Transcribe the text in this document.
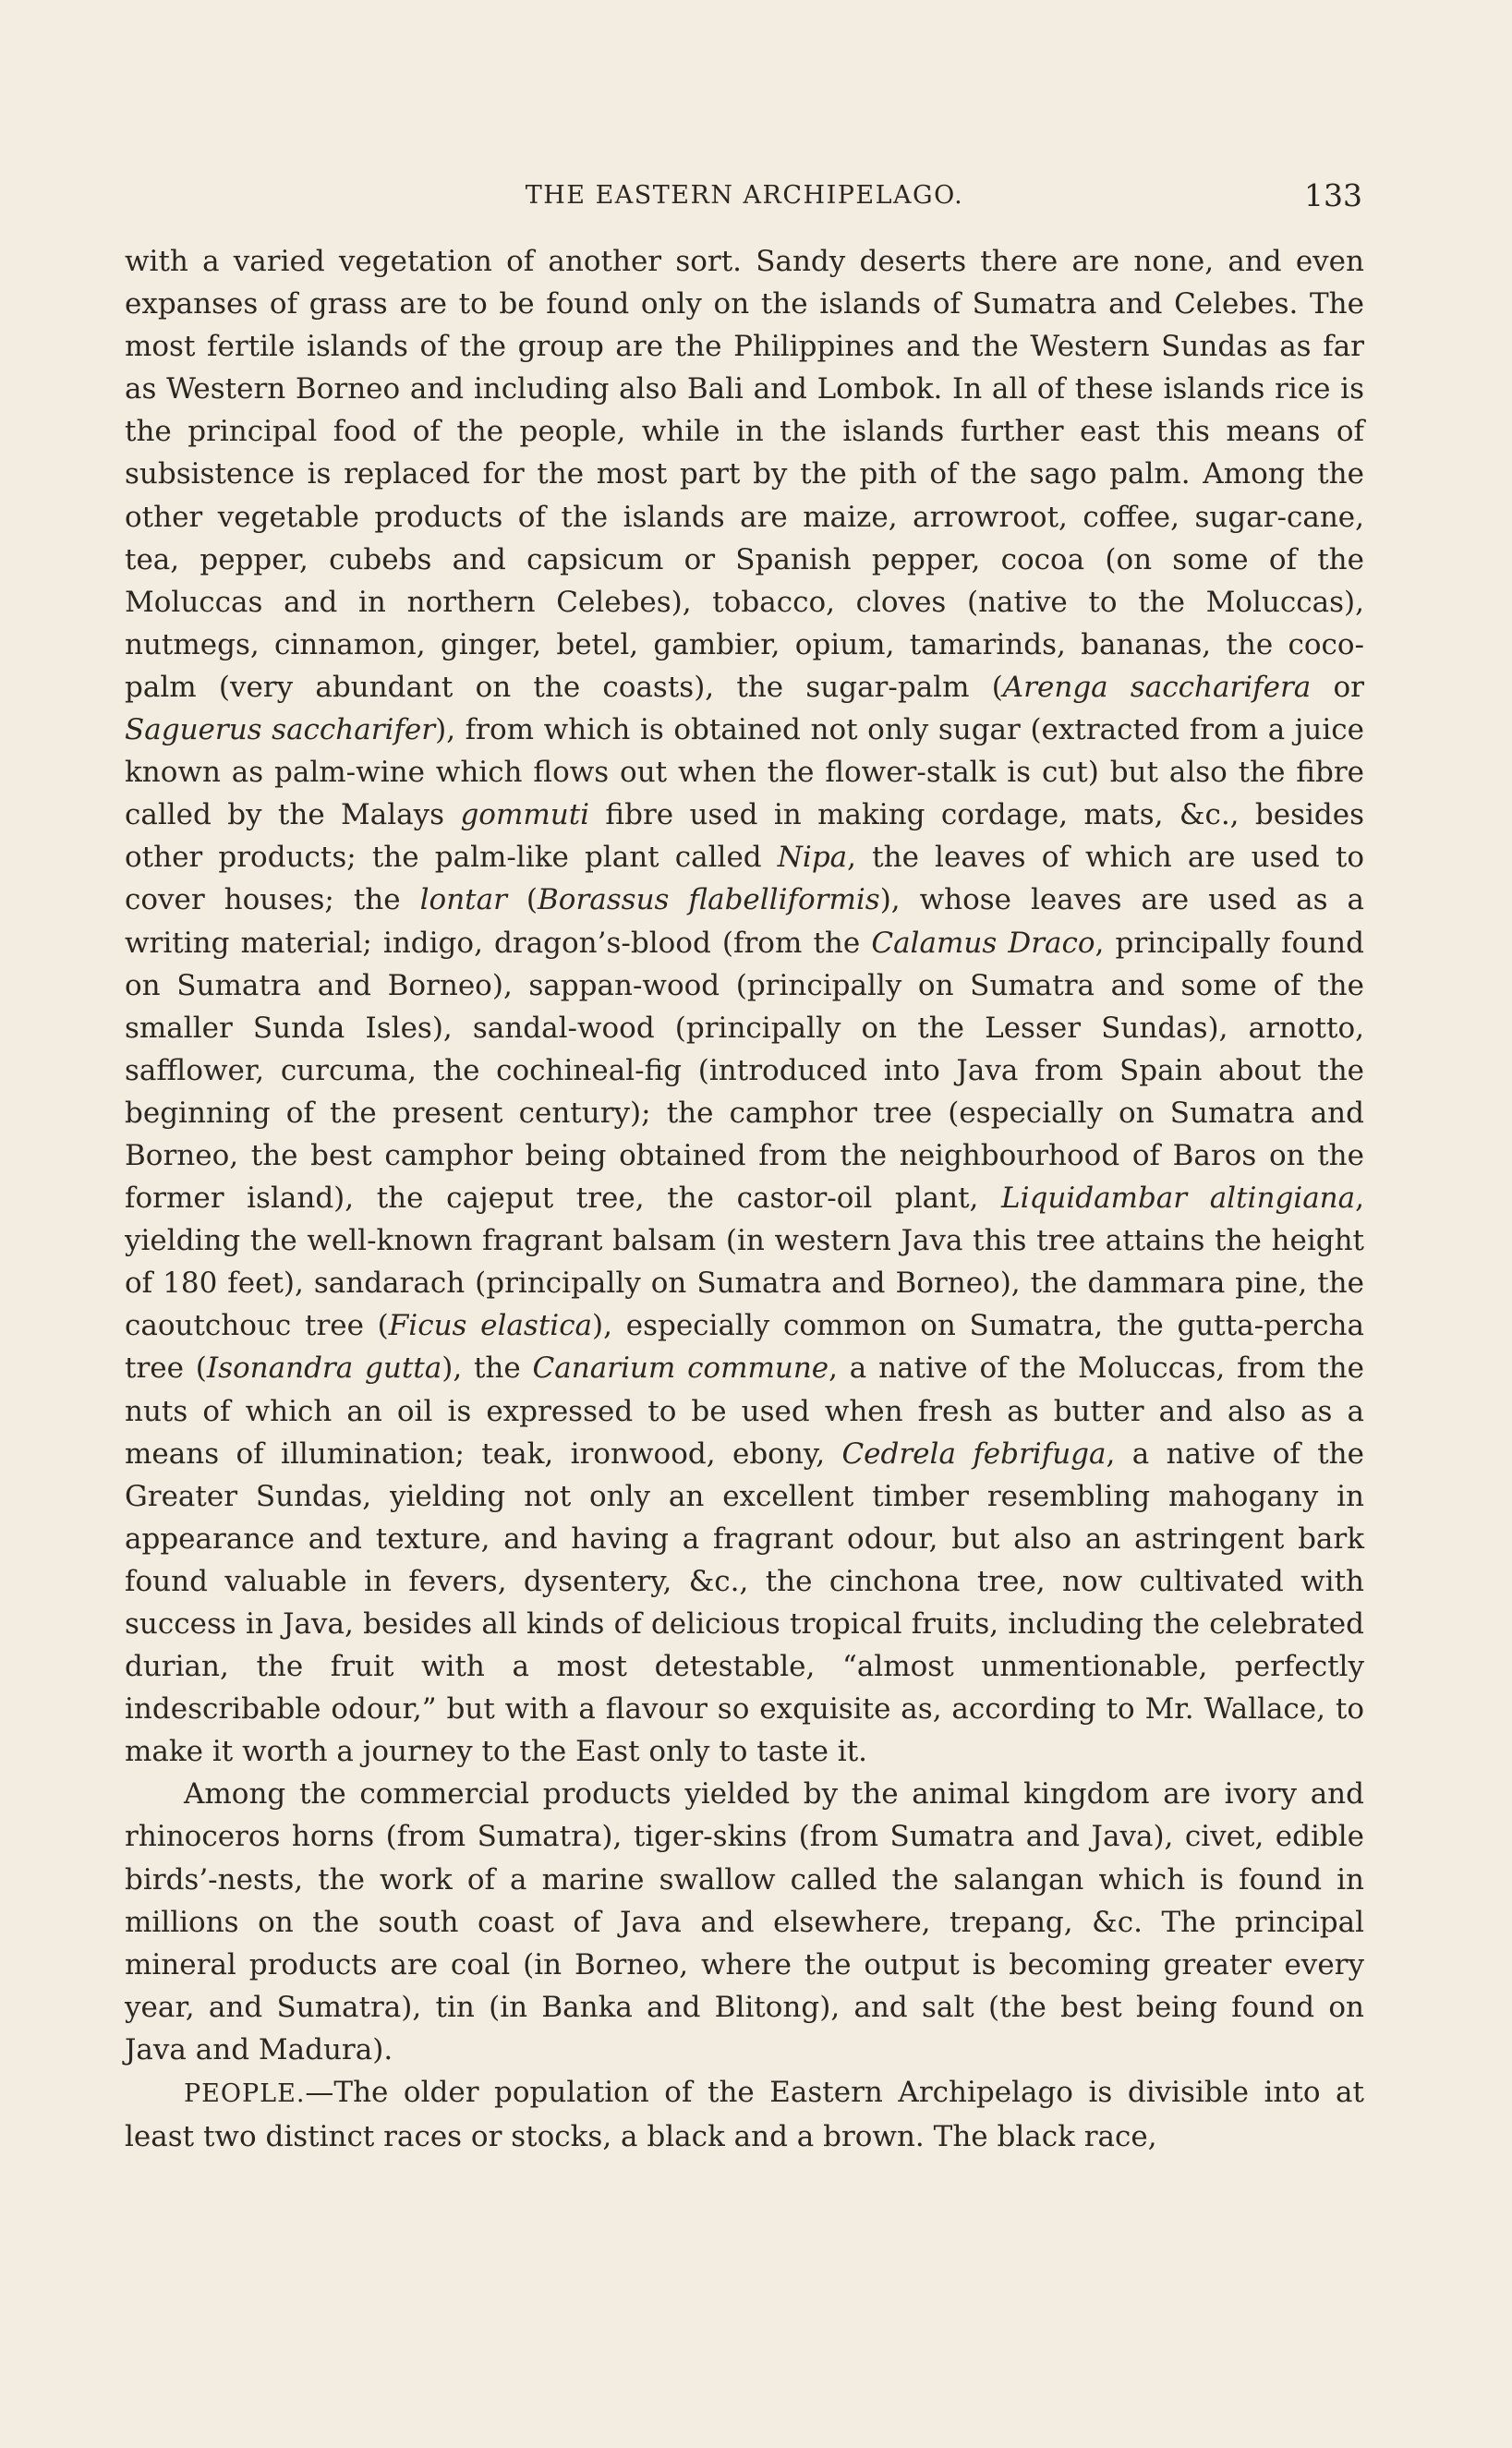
THE EASTERN ARCHIPELAGO.	133

with a varied vegetation of another sort. Sandy deserts there are none, and even expanses of grass are to be found only on the islands of Sumatra and Celebes. The most fertile islands of the group are the Philippines and the Western Sundas as far as Western Borneo and including also Bali and Lombok. In all of these islands rice is the principal food of the people, while in the islands further east this means of subsistence is replaced for the most part by the pith of the sago palm. Among the other vegetable products of the islands are maize, arrowroot, coffee, sugar-cane, tea, pepper, cubebs and capsicum or Spanish pepper, cocoa (on some of the Moluccas and in northern Celebes), tobacco, cloves (native to the Moluccas), nutmegs, cinnamon, ginger, betel, gambier, opium, tamarinds, bananas, the coco-palm (very abundant on the coasts), the sugar-palm (Arenga saccharifera or Saguerus saccharifer), from which is obtained not only sugar (extracted from a juice known as palm-wine which flows out when the flower-stalk is cut) but also the fibre called by the Malays gommuti fibre used in making cordage, mats, &c., besides other products; the palm-like plant called Nipa, the leaves of which are used to cover houses; the lontar (Borassus flabelliformis), whose leaves are used as a writing material; indigo, dragon’s-blood (from the Calamus Draco, principally found on Sumatra and Borneo), sappan-wood (principally on Sumatra and some of the smaller Sunda Isles), sandal-wood (principally on the Lesser Sundas), arnotto, safflower, curcuma, the cochineal-fig (introduced into Java from Spain about the beginning of the present century); the camphor tree (especially on Sumatra and Borneo, the best camphor being obtained from the neighbourhood of Baros on the former island), the cajeput tree, the castor-oil plant, Liquidambar altingiana, yielding the well-known fragrant balsam (in western Java this tree attains the height of 180 feet), sandarach (principally on Sumatra and Borneo), the dammara pine, the caoutchouc tree (Ficus elastica), especially common on Sumatra, the gutta-percha tree (Isonandra gutta), the Canarium commune, a native of the Moluccas, from the nuts of which an oil is expressed to be used when fresh as butter and also as a means of illumination; teak, ironwood, ebony, Cedrela febrifuga, a native of the Greater Sundas, yielding not only an excellent timber resembling mahogany in appearance and texture, and having a fragrant odour, but also an astringent bark found valuable in fevers, dysentery, &c., the cinchona tree, now cultivated with success in Java, besides all kinds of delicious tropical fruits, including the celebrated durian, the fruit with a most detestable, “almost unmentionable, perfectly indescribable odour,” but with a flavour so exquisite as, according to Mr. Wallace, to make it worth a journey to the East only to taste it.

Among the commercial products yielded by the animal kingdom are ivory and rhinoceros horns (from Sumatra), tiger-skins (from Sumatra and Java), civet, edible birds’-nests, the work of a marine swallow called the salangan which is found in millions on the south coast of Java and elsewhere, trepang, &c. The principal mineral products are coal (in Borneo, where the output is becoming greater every year, and Sumatra), tin (in Banka and Blitong), and salt (the best being found on Java and Madura).

PEOPLE.—The older population of the Eastern Archipelago is divisible into at least two distinct races or stocks, a black and a brown. The black race,
